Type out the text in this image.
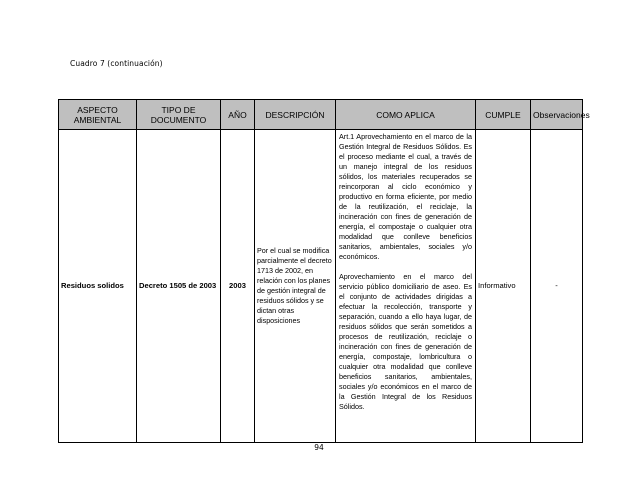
Cuadro 7 (continuación)
ASPECTO AMBIENTAL	TIPO DE DOCUMENTO	AÑO	DESCRIPCIÓN	COMO APLICA	CUMPLE	Observaciones
Residuos solidos	Decreto 1505 de 2003	2003	Por el cual se modifica parcialmente el decreto 1713 de 2002, en relación con los planes de gestión integral de residuos sólidos y se dictan otras disposiciones	Art.1 Aprovechamiento en el marco de la Gestión Integral de Residuos Sólidos. Es el proceso mediante el cual, a través de un manejo integral de los residuos sólidos, los materiales recuperados se reincorporan al ciclo económico y productivo en forma eficiente, por medio de la reutilización, el reciclaje, la incineración con fines de generación de energía, el compostaje o cualquier otra modalidad que conlleve beneficios sanitarios, ambientales, sociales y/o económicos.

Aprovechamiento en el marco del servicio público domiciliario de aseo. Es el conjunto de actividades dirigidas a efectuar la recolección, transporte y separación, cuando a ello haya lugar, de residuos sólidos que serán sometidos a procesos de reutilización, reciclaje o incineración con fines de generación de energía, compostaje, lombricultura o cualquier otra modalidad que conlleve beneficios sanitarios, ambientales, sociales y/o económicos en el marco de la Gestión Integral de los Residuos Sólidos.	Informativo	-
94
